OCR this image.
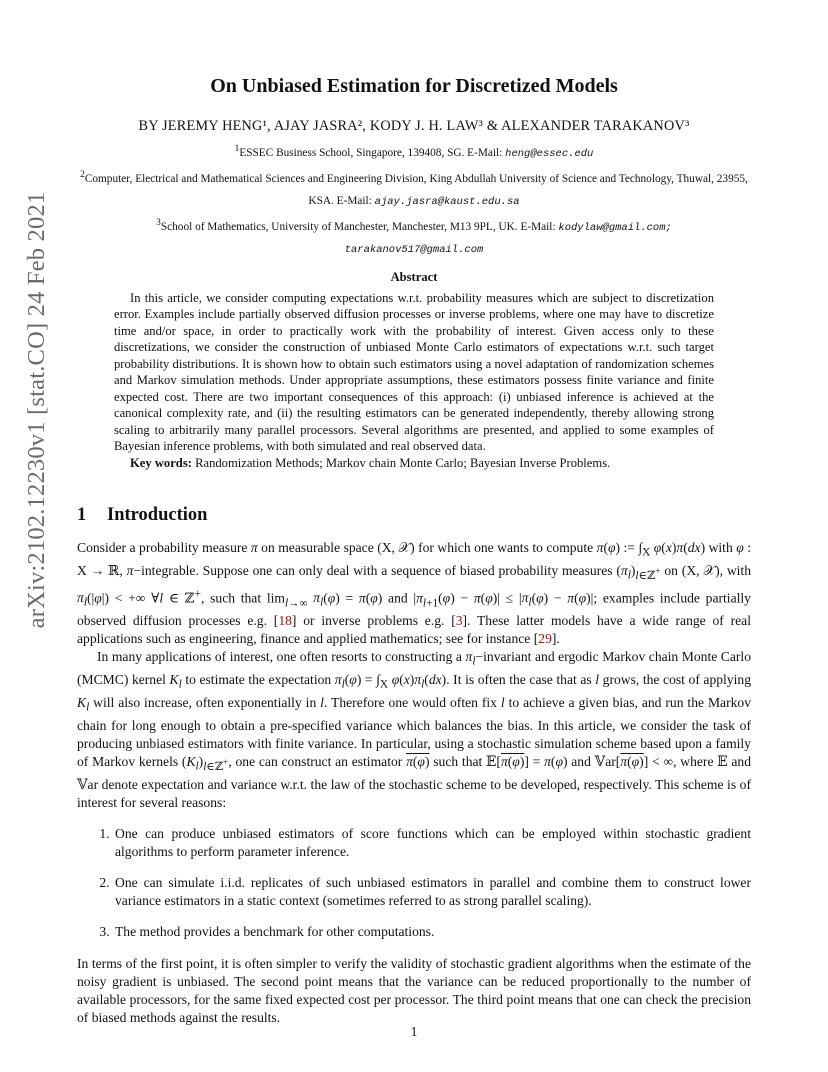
arXiv:2102.12230v1 [stat.CO] 24 Feb 2021
On Unbiased Estimation for Discretized Models
BY JEREMY HENG¹, AJAY JASRA², KODY J. H. LAW³ & ALEXANDER TARAKANOV³
$^1$ESSEC Business School, Singapore, 139408, SG. E-Mail: heng@essec.edu
$^2$Computer, Electrical and Mathematical Sciences and Engineering Division, King Abdullah University of Science and Technology, Thuwal, 23955, KSA. E-Mail: ajay.jasra@kaust.edu.sa
$^3$School of Mathematics, University of Manchester, Manchester, M13 9PL, UK. E-Mail: kodylaw@gmail.com;
tarakanov517@gmail.com
Abstract

In this article, we consider computing expectations w.r.t. probability measures which are subject to discretization error. Examples include partially observed diffusion processes or inverse problems, where one may have to discretize time and/or space, in order to practically work with the probability of interest. Given access only to these discretizations, we consider the construction of unbiased Monte Carlo estimators of expectations w.r.t. such target probability distributions. It is shown how to obtain such estimators using a novel adaptation of randomization schemes and Markov simulation methods. Under appropriate assumptions, these estimators possess finite variance and finite expected cost. There are two important consequences of this approach: (i) unbiased inference is achieved at the canonical complexity rate, and (ii) the resulting estimators can be generated independently, thereby allowing strong scaling to arbitrarily many parallel processors. Several algorithms are presented, and applied to some examples of Bayesian inference problems, with both simulated and real observed data.

Key words: Randomization Methods; Markov chain Monte Carlo; Bayesian Inverse Problems.

1 Introduction

Consider a probability measure π on measurable space (X, 𝒳) for which one wants to compute π(φ) := $\int_X$ φ(x)π(dx) with φ : X → ℝ, π−integrable. Suppose one can only deal with a sequence of biased probability measures $(\pi_l)_{l\in ℤ^+}$ on (X, 𝒳), with $\pi_l(|\varphi|)$ < +∞ ∀l ∈ ℤ+, such that $\lim_{l\to\infty} \pi_l(\varphi) = \pi(\varphi)$ and $|\pi_{l+1}(\varphi) - \pi(\varphi)| \le |\pi_l(\varphi) - \pi(\varphi)|$; examples include partially observed diffusion processes e.g. [18] or inverse problems e.g. [3]. These latter models have a wide range of real applications such as engineering, finance and applied mathematics; see for instance [29].

In many applications of interest, one often resorts to constructing a $\pi_l-invariant$ and ergodic Markov chain Monte Carlo (MCMC) kernel $K_l$ to estimate the expectation $\pi_l(\varphi) = \int_X$ $\varphi(x)\pi_l(dx)$. It is often the case that as l grows, the cost of applying $K_l$ will also increase, often exponentially in l. Therefore one would often fix l to achieve a given bias, and run the Markov chain for long enough to obtain a pre-specified variance which balances the bias. In this article, we consider the task of producing unbiased estimators with finite variance. In particular, using a stochastic simulation scheme based upon a family of Markov kernels $(K_l)_{l\in ℤ^+}$, one can construct an estimator π(φ) such that 𝔼[π(φ)] = π(φ) and 𝕍ar[π(φ)] < ∞, where 𝔼 and 𝕍ar denote expectation and variance w.r.t. the law of the stochastic scheme to be developed, respectively. This scheme is of interest for several reasons:

1. One can produce unbiased estimators of score functions which can be employed within stochastic gradient algorithms to perform parameter inference.
2. One can simulate i.i.d. replicates of such unbiased estimators in parallel and combine them to construct lower variance estimators in a static context (sometimes referred to as strong parallel scaling).
3. The method provides a benchmark for other computations.

In terms of the first point, it is often simpler to verify the validity of stochastic gradient algorithms when the estimate of the noisy gradient is unbiased. The second point means that the variance can be reduced proportionally to the number of available processors, for the same fixed expected cost per processor. The third point means that one can check the precision of biased methods against the results.

1
